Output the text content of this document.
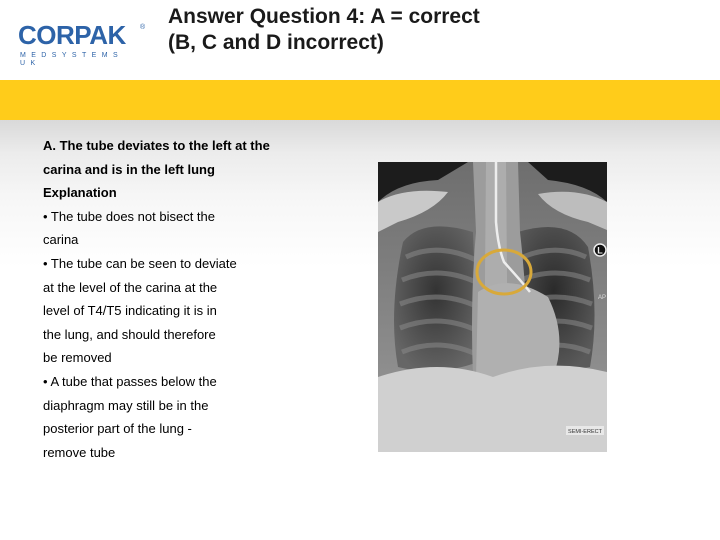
CORPAK ®
MEDSYSTEMS UK
Answer Question 4: A = correct
(B, C and D incorrect)

A. The tube deviates to the left at the

carina and is in the left lung

Explanation

• The tube does not bisect the

carina

• The tube can be seen to deviate

at the level of the carina at the

level of T4/T5 indicating it is in

the lung, and should therefore

be removed

• A tube that passes below the

diaphragm may still be in the

posterior part of the lung -

remove tube

L
AP
SEMI-ERECT
